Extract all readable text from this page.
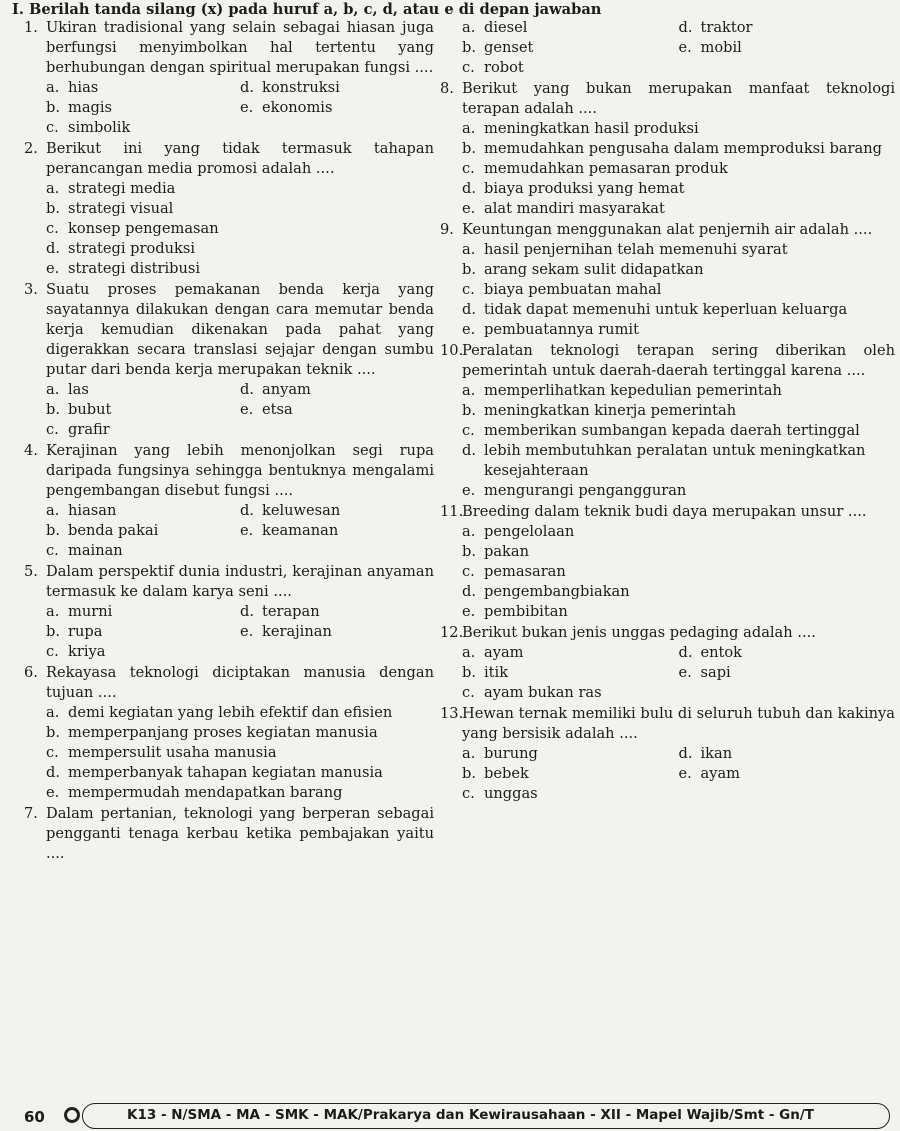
I. Berilah tanda silang (x) pada huruf a, b, c, d, atau e di depan jawaban
1. Ukiran tradisional yang selain sebagai hiasan juga berfungsi menyimbolkan hal tertentu yang berhubungan dengan spiritual merupakan fungsi ....
a. hias	d. konstruksi
b. magis	e. ekonomis
c. simbolik
2. Berikut ini yang tidak termasuk tahapan perancangan media promosi adalah ....
a. strategi media
b. strategi visual
c. konsep pengemasan
d. strategi produksi
e. strategi distribusi
3. Suatu proses pemakanan benda kerja yang sayatannya dilakukan dengan cara memutar benda kerja kemudian dikenakan pada pahat yang digerakkan secara translasi sejajar dengan sumbu putar dari benda kerja merupakan teknik ....
a. las	d. anyam
b. bubut	e. etsa
c. grafir
4. Kerajinan yang lebih menonjolkan segi rupa daripada fungsinya sehingga bentuknya mengalami pengembangan disebut fungsi ....
a. hiasan	d. keluwesan
b. benda pakai	e. keamanan
c. mainan
5. Dalam perspektif dunia industri, kerajinan anyaman termasuk ke dalam karya seni ....
a. murni	d. terapan
b. rupa	e. kerajinan
c. kriya
6. Rekayasa teknologi diciptakan manusia dengan tujuan ....
a. demi kegiatan yang lebih efektif dan efisien
b. memperpanjang proses kegiatan manusia
c. mempersulit usaha manusia
d. memperbanyak tahapan kegiatan manusia
e. mempermudah mendapatkan barang
7. Dalam pertanian, teknologi yang berperan sebagai pengganti tenaga kerbau ketika pembajakan yaitu ....
a. diesel	d. traktor
b. genset	e. mobil
c. robot
8. Berikut yang bukan merupakan manfaat teknologi terapan adalah ....
a. meningkatkan hasil produksi
b. memudahkan pengusaha dalam memproduksi barang
c. memudahkan pemasaran produk
d. biaya produksi yang hemat
e. alat mandiri masyarakat
9. Keuntungan menggunakan alat penjernih air adalah ....
a. hasil penjernihan telah memenuhi syarat
b. arang sekam sulit didapatkan
c. biaya pembuatan mahal
d. tidak dapat memenuhi untuk keperluan keluarga
e. pembuatannya rumit
10.
Peralatan teknologi terapan sering diberikan oleh pemerintah untuk daerah-daerah tertinggal karena ....
a. memperlihatkan kepedulian pemerintah
b. meningkatkan kinerja pemerintah
c. memberikan sumbangan kepada daerah tertinggal
d. lebih membutuhkan peralatan untuk meningkatkan kesejahteraan
e. mengurangi pengangguran
11.
Breeding dalam teknik budi daya merupakan unsur ....
a. pengelolaan
b. pakan
c. pemasaran
d. pengembangbiakan
e. pembibitan
12.
Berikut bukan jenis unggas pedaging adalah ....
a. ayam	d. entok
b. itik	e. sapi
c. ayam bukan ras
13.
Hewan ternak memiliki bulu di seluruh tubuh dan kakinya yang bersisik adalah ....
a. burung	d. ikan
b. bebek	e. ayam
c. unggas
60	K13 - N/SMA - MA - SMK - MAK/Prakarya dan Kewirausahaan - XII - Mapel Wajib/Smt - Gn/T
